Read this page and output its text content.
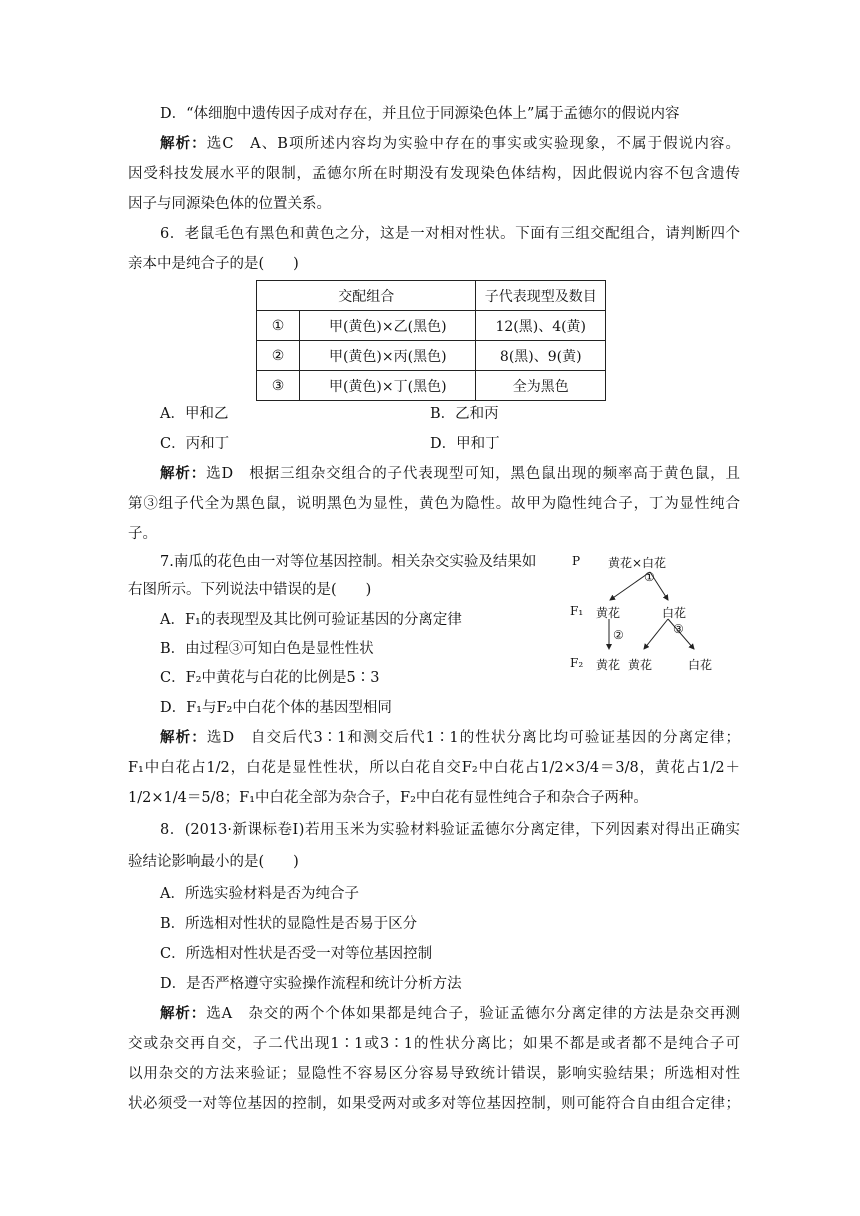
D．“体细胞中遗传因子成对存在，并且位于同源染色体上”属于孟德尔的假说内容
解析：选C　A、B项所述内容均为实验中存在的事实或实验现象，不属于假说内容。
因受科技发展水平的限制，孟德尔所在时期没有发现染色体结构，因此假说内容不包含遗传
因子与同源染色体的位置关系。
6．老鼠毛色有黑色和黄色之分，这是一对相对性状。下面有三组交配组合，请判断四个
亲本中是纯合子的是(　　)
交配组合		子代表现型及数目
①	甲(黄色)×乙(黑色)	12(黑)、4(黄)
②	甲(黄色)×丙(黑色)	8(黑)、9(黄)
③	甲(黄色)×丁(黑色)	全为黑色
A．甲和乙	B．乙和丙
C．丙和丁	D．甲和丁
解析：选D　根据三组杂交组合的子代表现型可知，黑色鼠出现的频率高于黄色鼠，且
第③组子代全为黑色鼠，说明黑色为显性，黄色为隐性。故甲为隐性纯合子，丁为显性纯合
子。
7.南瓜的花色由一对等位基因控制。相关杂交实验及结果如
右图所示。下列说法中错误的是(　　)
A．F₁的表现型及其比例可验证基因的分离定律
B．由过程③可知白色是显性性状
C．F₂中黄花与白花的比例是5∶3
D．F₁与F₂中白花个体的基因型相同
P 黄花×白花
①
F₁ 黄花	白花
②	③
F₂ 黄花 黄花	白花
解析：选D　自交后代3∶1和测交后代1∶1的性状分离比均可验证基因的分离定律；
F₁中白花占1/2，白花是显性性状，所以白花自交F₂中白花占1/2×3/4＝3/8，黄花占1/2＋
1/2×1/4＝5/8；F₁中白花全部为杂合子，F₂中白花有显性纯合子和杂合子两种。
8．(2013·新课标卷Ⅰ)若用玉米为实验材料验证孟德尔分离定律，下列因素对得出正确实
验结论影响最小的是(　　)
A．所选实验材料是否为纯合子
B．所选相对性状的显隐性是否易于区分
C．所选相对性状是否受一对等位基因控制
D．是否严格遵守实验操作流程和统计分析方法
解析：选A　杂交的两个个体如果都是纯合子，验证孟德尔分离定律的方法是杂交再测
交或杂交再自交，子二代出现1∶1或3∶1的性状分离比；如果不都是或者都不是纯合子可
以用杂交的方法来验证；显隐性不容易区分容易导致统计错误，影响实验结果；所选相对性
状必须受一对等位基因的控制，如果受两对或多对等位基因控制，则可能符合自由组合定律；
